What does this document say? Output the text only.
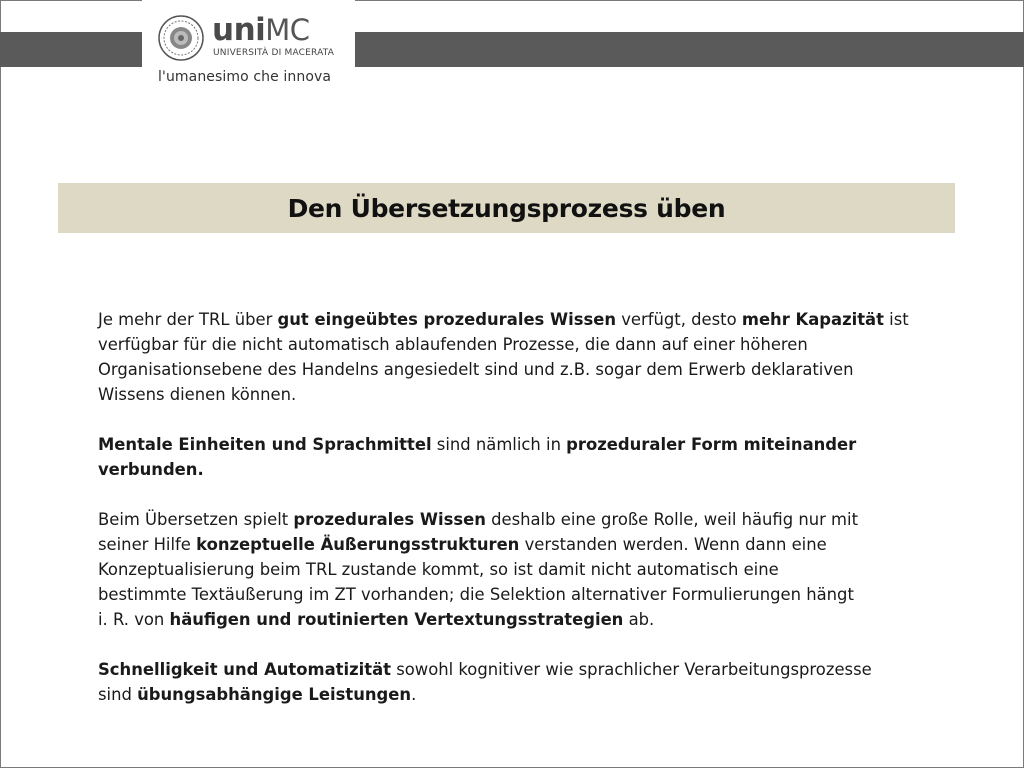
uniMC
UNIVERSITÀ DI MACERATA
l'umanesimo che innova
Den Übersetzungsprozess üben

Je mehr der TRL über gut eingeübtes prozedurales Wissen verfügt, desto mehr Kapazität ist

verfügbar für die nicht automatisch ablaufenden Prozesse, die dann auf einer höheren

Organisationsebene des Handelns angesiedelt sind und z.B. sogar dem Erwerb deklarativen

Wissens dienen können.

Mentale Einheiten und Sprachmittel sind nämlich in prozeduraler Form miteinander

verbunden.

Beim Übersetzen spielt prozedurales Wissen deshalb eine große Rolle, weil häufig nur mit

seiner Hilfe konzeptuelle Äußerungsstrukturen verstanden werden. Wenn dann eine

Konzeptualisierung beim TRL zustande kommt, so ist damit nicht automatisch eine

bestimmte Textäußerung im ZT vorhanden; die Selektion alternativer Formulierungen hängt

i. R. von häufigen und routinierten Vertextungsstrategien ab.

Schnelligkeit und Automatizität sowohl kognitiver wie sprachlicher Verarbeitungsprozesse

sind übungsabhängige Leistungen.
